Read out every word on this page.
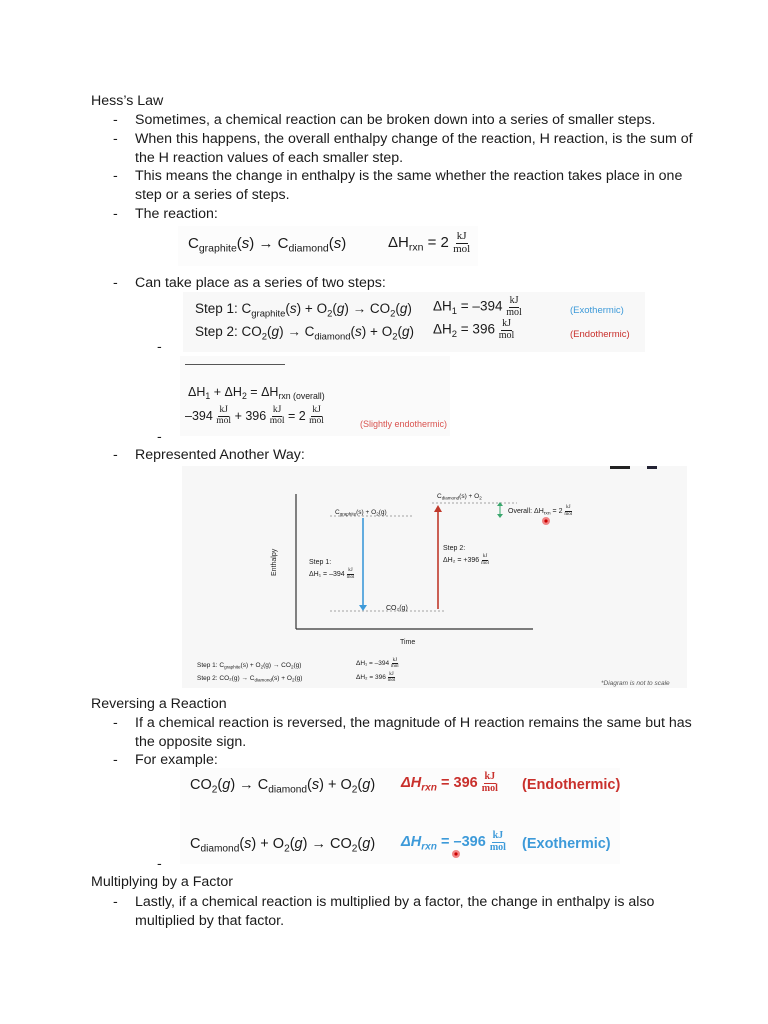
Hess’s Law
- Sometimes, a chemical reaction can be broken down into a series of smaller steps.
- When this happens, the overall enthalpy change of the reaction, H reaction, is the sum of the H reaction values of each smaller step.
- This means the change in enthalpy is the same whether the reaction takes place in one step or a series of steps.
- The reaction:
$C_{graphite}(s) \to C_{diamond}(s)$	$\Delta H_{rxn} = 2 \frac{kJ}{\text{mol}}$
- Can take place as a series of two steps:
Step 1: $C_{graphite}(s) + O_2(g) \to CO_2(g) \Delta H_1 = -394 \frac{kJ}{\text{mol}}$	(Exothermic)
Step 2: $CO_2(g) \to C_{diamond}(s) + O_2(g) \Delta H_2 = 396 \frac{kJ}{\text{mol}}$	(Endothermic)
-
$\Delta H_1 + \Delta H_2 = \Delta H_{rxn (overall)}$
$-394 \frac{kJ}{\text{mol}} + 396 \frac{kJ}{\text{mol}} = 2 \frac{kJ}{\text{mol}}$	(Slightly endothermic)
-
- Represented Another Way:
$C_{diamond}(s) + O_2$
$C_{graphite}(s) + O_2(g)$	Overall: $\Delta H_{rxn} = 2 \frac{kJ}{\text{mol}}$
Step 1:
$\Delta H_1 = -394 \frac{kJ}{\text{mol}}$
Step 2:
$\Delta H_2 = +396 \frac{kJ}{\text{mol}}$
CO₂(g)
Enthalpy
Time
Step 1: $C_{graphite}(s) + O_2(g) \to CO_2(g)$	$\Delta H_1 = -394 \frac{kJ}{\text{mol}}$
Step 2: $CO_2(g) \to C_{diamond}(s) + O_2(g)$	$\Delta H_2 = 396 \frac{kJ}{\text{mol}}$
*Diagram is not to scale
Reversing a Reaction
- If a chemical reaction is reversed, the magnitude of H reaction remains the same but has the opposite sign.
- For example:
$CO_2(g) \to C_{diamond}(s) + O_2(g) \Delta H_{rxn} = 396 \frac{kJ}{\text{mol}}$ (Endothermic)
$C_{diamond}(s) + O_2(g) \to CO_2(g) \Delta H_{rxn} = -396 \frac{kJ}{\text{mol}}$ (Exothermic)
-
Multiplying by a Factor
- Lastly, if a chemical reaction is multiplied by a factor, the change in enthalpy is also multiplied by that factor.
